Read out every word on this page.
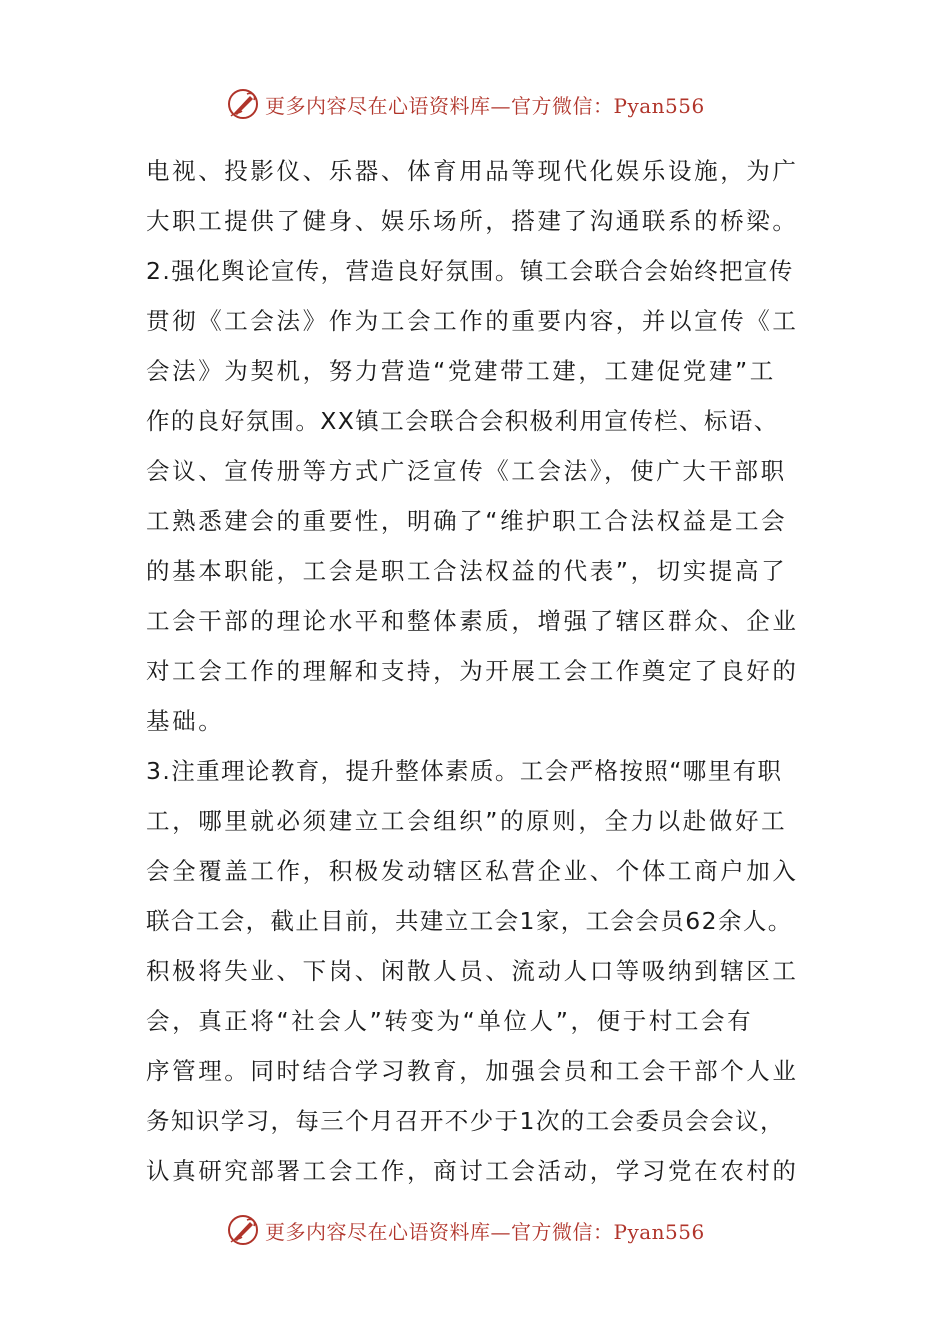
更多内容尽在心语资料库—官方微信：Pyan556
电视、投影仪、乐器、体育用品等现代化娱乐设施，为广
大职工提供了健身、娱乐场所，搭建了沟通联系的桥梁。
2.强化舆论宣传，营造良好氛围。镇工会联合会始终把宣传
贯彻《工会法》作为工会工作的重要内容，并以宣传《工
会法》为契机，努力营造“党建带工建，工建促党建”工
作的良好氛围。XX镇工会联合会积极利用宣传栏、标语、
会议、宣传册等方式广泛宣传《工会法》，使广大干部职
工熟悉建会的重要性，明确了“维护职工合法权益是工会
的基本职能，工会是职工合法权益的代表”，切实提高了
工会干部的理论水平和整体素质，增强了辖区群众、企业
对工会工作的理解和支持，为开展工会工作奠定了良好的
基础。
3.注重理论教育，提升整体素质。工会严格按照“哪里有职
工，哪里就必须建立工会组织”的原则，全力以赴做好工
会全覆盖工作，积极发动辖区私营企业、个体工商户加入
联合工会，截止目前，共建立工会1家，工会会员62余人。
积极将失业、下岗、闲散人员、流动人口等吸纳到辖区工
会，真正将“社会人”转变为“单位人”，便于村工会有
序管理。同时结合学习教育，加强会员和工会干部个人业
务知识学习，每三个月召开不少于1次的工会委员会会议，
认真研究部署工会工作，商讨工会活动，学习党在农村的
更多内容尽在心语资料库—官方微信：Pyan556
